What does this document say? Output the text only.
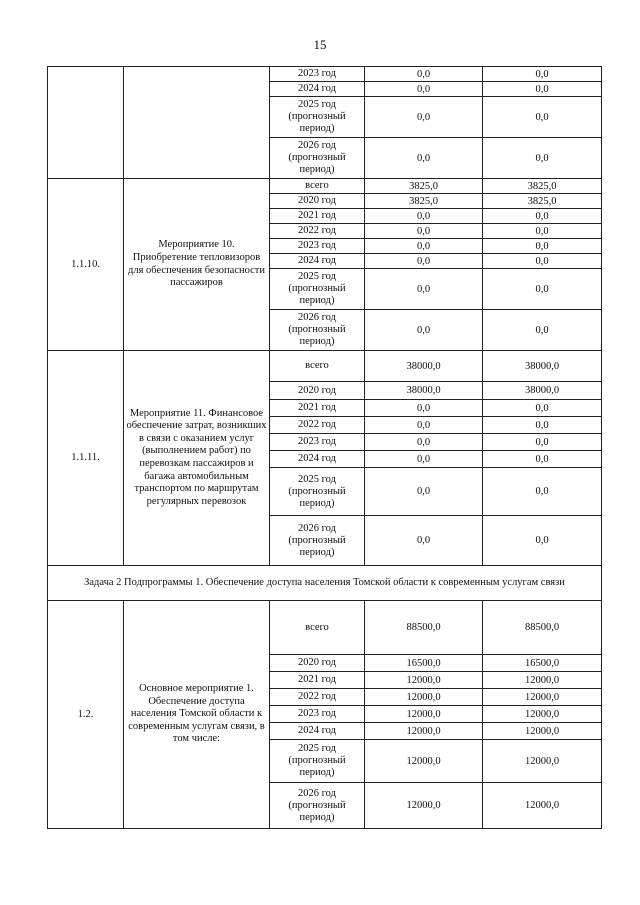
15
		2023 год	0,0	0,0
		2024 год	0,0	0,0
		2025 год (прогнозный период)	0,0	0,0
		2026 год (прогнозный период)	0,0	0,0
1.1.10.	Мероприятие 10. Приобретение тепловизоров для обеспечения безопасности пассажиров	всего	3825,0	3825,0
		2020 год	3825,0	3825,0
		2021 год	0,0	0,0
		2022 год	0,0	0,0
		2023 год	0,0	0,0
		2024 год	0,0	0,0
		2025 год (прогнозный период)	0,0	0,0
		2026 год (прогнозный период)	0,0	0,0
1.1.11.	Мероприятие 11. Финансовое обеспечение затрат, возникших в связи с оказанием услуг (выполнением работ) по перевозкам пассажиров и багажа автомобильным транспортом по маршрутам регулярных перевозок	всего	38000,0	38000,0
		2020 год	38000,0	38000,0
		2021 год	0,0	0,0
		2022 год	0,0	0,0
		2023 год	0,0	0,0
		2024 год	0,0	0,0
		2025 год (прогнозный период)	0,0	0,0
		2026 год (прогнозный период)	0,0	0,0
Задача 2 Подпрограммы 1. Обеспечение доступа населения Томской области к современным услугам связи				
1.2.	Основное мероприятие 1. Обеспечение доступа населения Томской области к современным услугам связи, в том числе:	всего	88500,0	88500,0
		2020 год	16500,0	16500,0
		2021 год	12000,0	12000,0
		2022 год	12000,0	12000,0
		2023 год	12000,0	12000,0
		2024 год	12000,0	12000,0
		2025 год (прогнозный период)	12000,0	12000,0
		2026 год (прогнозный период)	12000,0	12000,0
